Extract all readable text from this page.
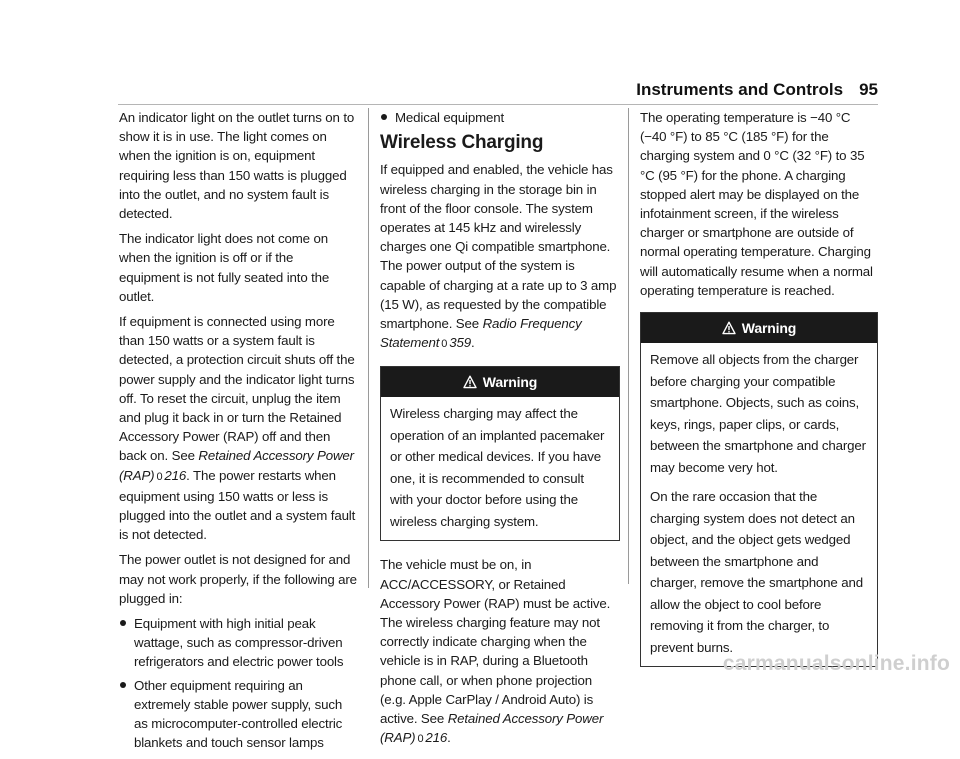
Instruments and Controls 95

An indicator light on the outlet turns on to show it is in use. The light comes on when the ignition is on, equipment requiring less than 150 watts is plugged into the outlet, and no system fault is detected.

The indicator light does not come on when the ignition is off or if the equipment is not fully seated into the outlet.

If equipment is connected using more than 150 watts or a system fault is detected, a protection circuit shuts off the power supply and the indicator light turns off. To reset the circuit, unplug the item and plug it back in or turn the Retained Accessory Power (RAP) off and then back on. See Retained Accessory Power (RAP) 0 216. The power restarts when equipment using 150 watts or less is plugged into the outlet and a system fault is not detected.

The power outlet is not designed for and may not work properly, if the following are plugged in:

Equipment with high initial peak wattage, such as compressor-driven refrigerators and electric power tools
Other equipment requiring an extremely stable power supply, such as microcomputer-controlled electric blankets and touch sensor lamps
Medical equipment
Wireless Charging

If equipped and enabled, the vehicle has wireless charging in the storage bin in front of the floor console. The system operates at 145 kHz and wirelessly charges one Qi compatible smartphone. The power output of the system is capable of charging at a rate up to 3 amp (15 W), as requested by the compatible smartphone. See Radio Frequency Statement 0 359.

Warning

Wireless charging may affect the operation of an implanted pacemaker or other medical devices. If you have one, it is recommended to consult with your doctor before using the wireless charging system.

The vehicle must be on, in ACC/ACCESSORY, or Retained Accessory Power (RAP) must be active. The wireless charging feature may not correctly indicate charging when the vehicle is in RAP, during a Bluetooth phone call, or when phone projection (e.g. Apple CarPlay / Android Auto) is active. See Retained Accessory Power (RAP) 0 216.

The operating temperature is −40 °C (−40 °F) to 85 °C (185 °F) for the charging system and 0 °C (32 °F) to 35 °C (95 °F) for the phone. A charging stopped alert may be displayed on the infotainment screen, if the wireless charger or smartphone are outside of normal operating temperature. Charging will automatically resume when a normal operating temperature is reached.

Warning

Remove all objects from the charger before charging your compatible smartphone. Objects, such as coins, keys, rings, paper clips, or cards, between the smartphone and charger may become very hot.

On the rare occasion that the charging system does not detect an object, and the object gets wedged between the smartphone and charger, remove the smartphone and allow the object to cool before removing it from the charger, to prevent burns.

carmanualsonline.info
